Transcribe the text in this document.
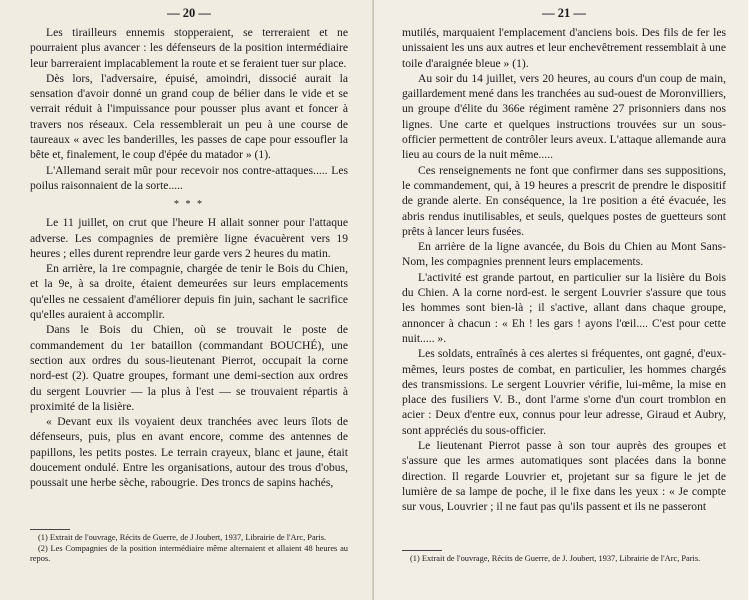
— 20 —

Les tirailleurs ennemis stopperaient, se terreraient et ne pourraient plus avancer : les défenseurs de la position intermédiaire leur barreraient implacablement la route et se feraient tuer sur place.

Dès lors, l'adversaire, épuisé, amoindri, dissocié aurait la sensation d'avoir donné un grand coup de bélier dans le vide et se verrait réduit à l'impuissance pour pousser plus avant et foncer à travers nos réseaux. Cela ressemblerait un peu à une course de taureaux « avec les banderilles, les passes de cape pour essoufler la bête et, finalement, le coup d'épée du matador » (1).

L'Allemand serait mûr pour recevoir nos contre-attaques..... Les poilus raisonnaient de la sorte.....

* * *

Le 11 juillet, on crut que l'heure H allait sonner pour l'attaque adverse. Les compagnies de première ligne évacuèrent vers 19 heures ; elles durent reprendre leur garde vers 2 heures du matin.

En arrière, la 1re compagnie, chargée de tenir le Bois du Chien, et la 9e, à sa droite, étaient demeurées sur leurs emplacements qu'elles ne cessaient d'améliorer depuis fin juin, sachant le sacrifice qu'elles auraient à accomplir.

Dans le Bois du Chien, où se trouvait le poste de commandement du 1er bataillon (commandant BOUCHÉ), une section aux ordres du sous-lieutenant Pierrot, occupait la corne nord-est (2). Quatre groupes, formant une demi-section aux ordres du sergent Louvrier — la plus à l'est — se trouvaient répartis à proximité de la lisière.

« Devant eux ils voyaient deux tranchées avec leurs îlots de défenseurs, puis, plus en avant encore, comme des antennes de papillons, les petits postes. Le terrain crayeux, blanc et jaune, était doucement ondulé. Entre les organisations, autour des trous d'obus, poussait une herbe sèche, rabougrie. Des troncs de sapins hachés,

(1) Extrait de l'ouvrage, Récits de Guerre, de J Joubert, 1937, Librairie de l'Arc, Paris.

(2) Les Compagnies de la position intermédiaire même alternaient et allaient 48 heures au repos.

— 21 —

mutilés, marquaient l'emplacement d'anciens bois. Des fils de fer les unissaient les uns aux autres et leur enchevêtrement ressemblait à une toile d'araignée bleue » (1).

Au soir du 14 juillet, vers 20 heures, au cours d'un coup de main, gaillardement mené dans les tranchées au sud-ouest de Moronvilliers, un groupe d'élite du 366e régiment ramène 27 prisonniers dans nos lignes. Une carte et quelques instructions trouvées sur un sous-officier permettent de contrôler leurs aveux. L'attaque allemande aura lieu au cours de la nuit même.....

Ces renseignements ne font que confirmer dans ses suppositions, le commandement, qui, à 19 heures a prescrit de prendre le dispositif de grande alerte. En conséquence, la 1re position a été évacuée, les abris rendus inutilisables, et seuls, quelques postes de guetteurs sont prêts à lancer leurs fusées.

En arrière de la ligne avancée, du Bois du Chien au Mont Sans-Nom, les compagnies prennent leurs emplacements.

L'activité est grande partout, en particulier sur la lisière du Bois du Chien. A la corne nord-est. le sergent Louvrier s'assure que tous les hommes sont bien-là ; il s'active, allant dans chaque groupe, annoncer à chacun : « Eh ! les gars ! ayons l'œil.... C'est pour cette nuit..... ».

Les soldats, entraînés à ces alertes si fréquentes, ont gagné, d'eux-mêmes, leurs postes de combat, en particulier, les hommes chargés des transmissions. Le sergent Louvrier vérifie, lui-même, la mise en place des fusiliers V. B., dont l'arme s'orne d'un court tromblon en acier : Deux d'entre eux, connus pour leur adresse, Giraud et Aubry, sont appréciés du sous-officier.

Le lieutenant Pierrot passe à son tour auprès des groupes et s'assure que les armes automatiques sont placées dans la bonne direction. Il regarde Louvrier et, projetant sur sa figure le jet de lumière de sa lampe de poche, il le fixe dans les yeux : « Je compte sur vous, Louvrier ; il ne faut pas qu'ils passent et ils ne passeront

(1) Extrait de l'ouvrage, Récits de Guerre, de J. Joubert, 1937, Librairie de l'Arc, Paris.
